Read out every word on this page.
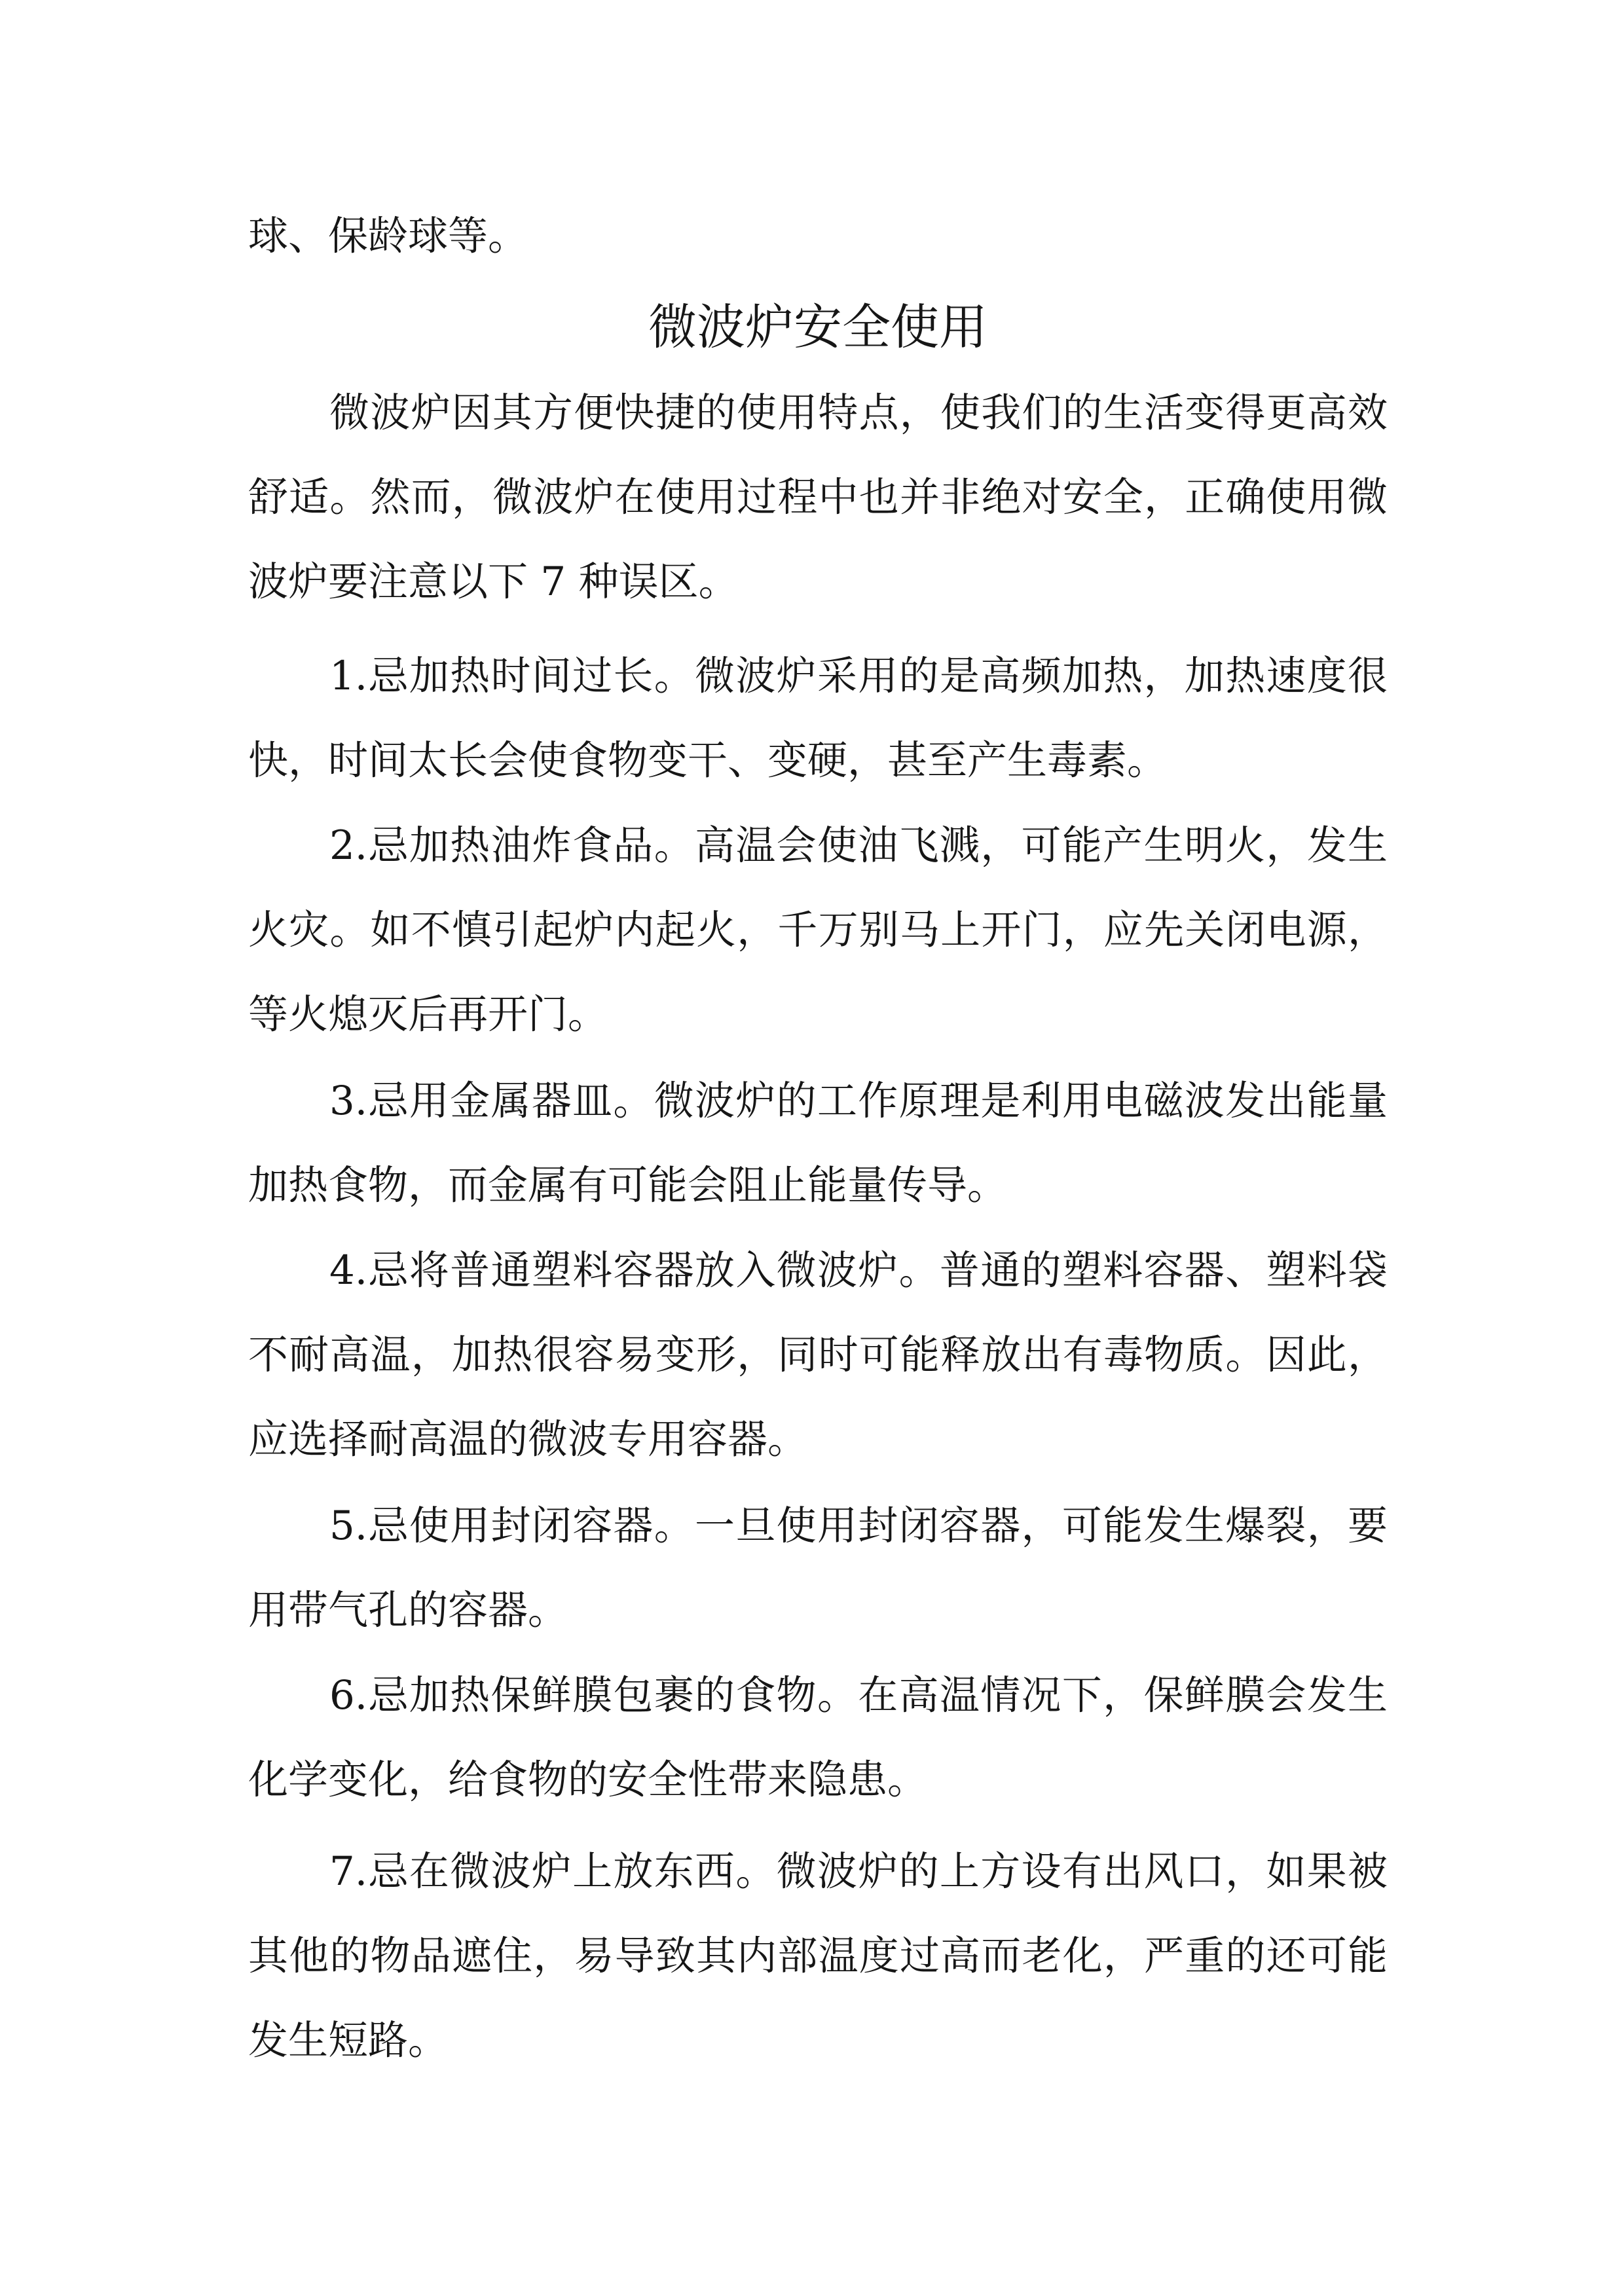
球、保龄球等。
微波炉安全使用
微波炉因其方便快捷的使用特点，使我们的生活变得更高效
舒适。然而，微波炉在使用过程中也并非绝对安全，正确使用微
波炉要注意以下 7 种误区。
1.忌加热时间过长。微波炉采用的是高频加热，加热速度很
快，时间太长会使食物变干、变硬，甚至产生毒素。
2.忌加热油炸食品。高温会使油飞溅，可能产生明火，发生
火灾。如不慎引起炉内起火，千万别马上开门，应先关闭电源，
等火熄灭后再开门。
3.忌用金属器皿。微波炉的工作原理是利用电磁波发出能量
加热食物，而金属有可能会阻止能量传导。
4.忌将普通塑料容器放入微波炉。普通的塑料容器、塑料袋
不耐高温，加热很容易变形，同时可能释放出有毒物质。因此，
应选择耐高温的微波专用容器。
5.忌使用封闭容器。一旦使用封闭容器，可能发生爆裂，要
用带气孔的容器。
6.忌加热保鲜膜包裹的食物。在高温情况下，保鲜膜会发生
化学变化，给食物的安全性带来隐患。
7.忌在微波炉上放东西。微波炉的上方设有出风口，如果被
其他的物品遮住，易导致其内部温度过高而老化，严重的还可能
发生短路。
